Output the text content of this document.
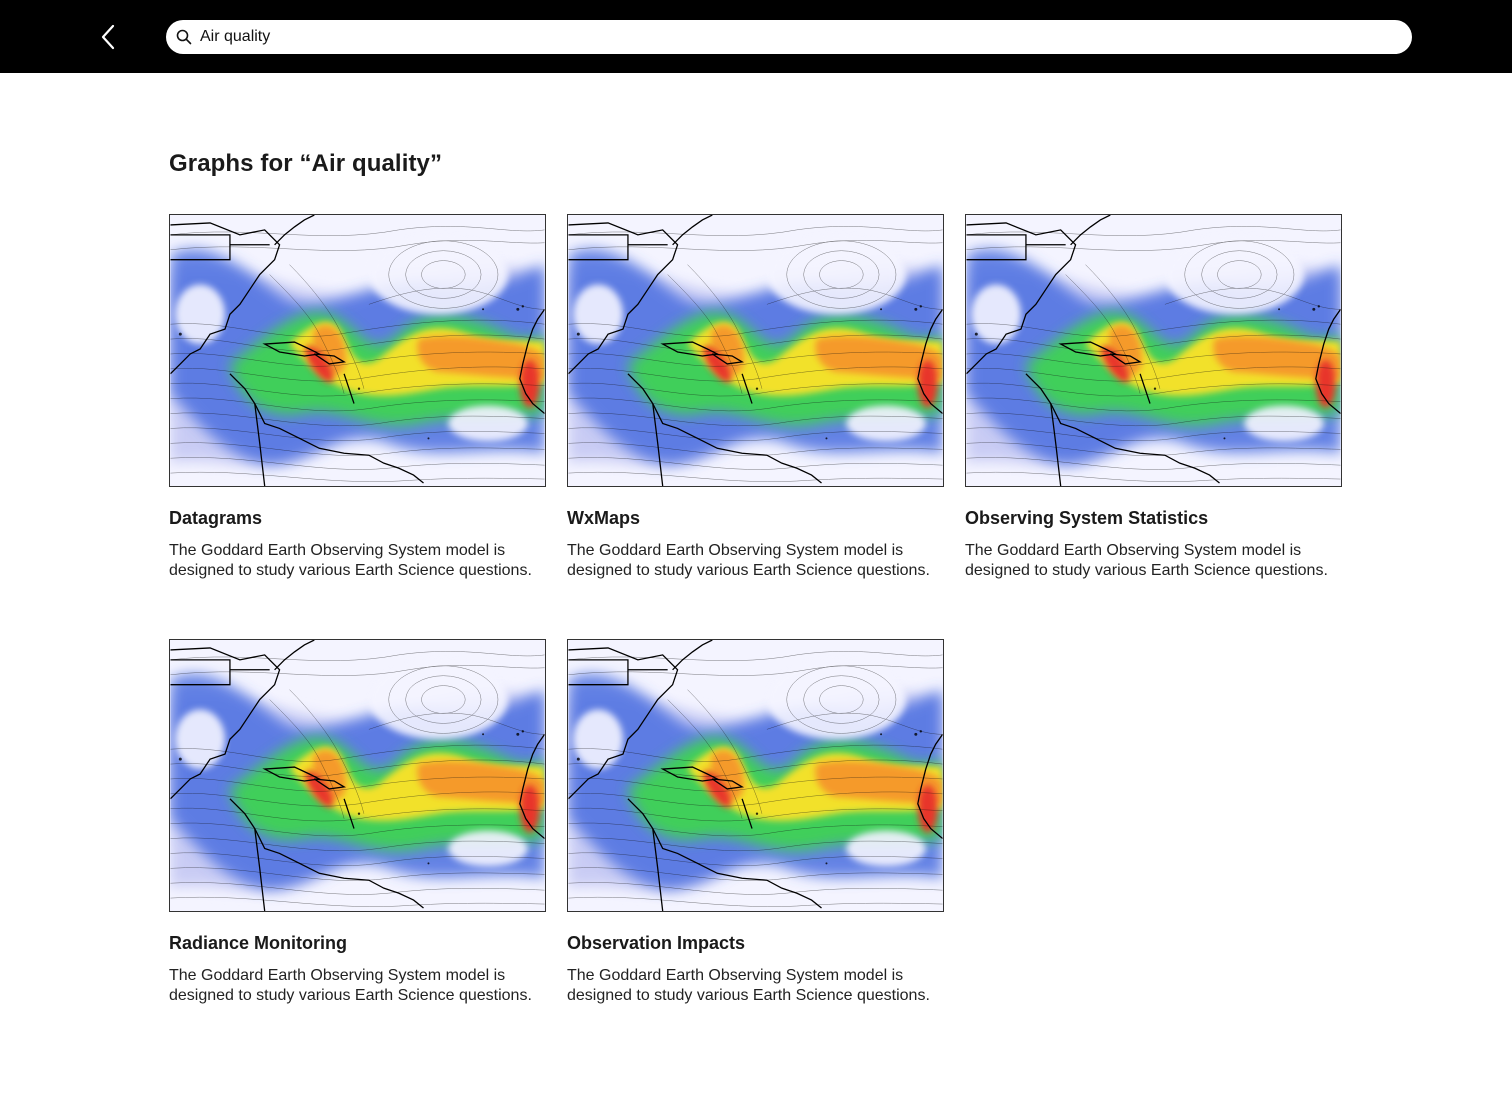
Air quality
Graphs for “Air quality”
Datagrams
The Goddard Earth Observing System model is designed to study various Earth Science questions.
WxMaps
The Goddard Earth Observing System model is designed to study various Earth Science questions.
Observing System Statistics
The Goddard Earth Observing System model is designed to study various Earth Science questions.
Radiance Monitoring
The Goddard Earth Observing System model is designed to study various Earth Science questions.
Observation Impacts
The Goddard Earth Observing System model is designed to study various Earth Science questions.
